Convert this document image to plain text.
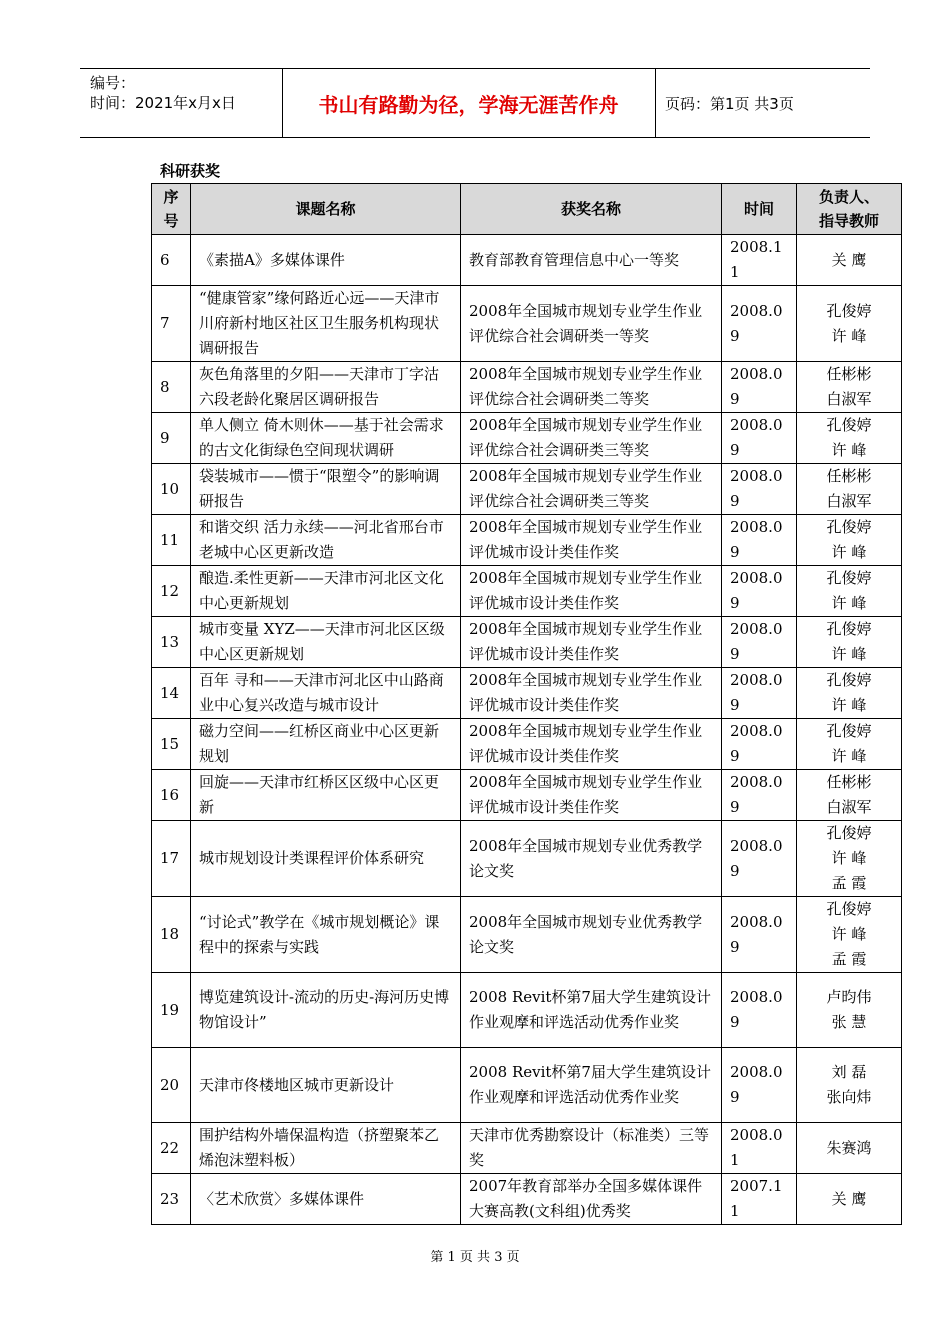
编号：
时间：2021年x月x日	书山有路勤为径，学海无涯苦作舟	页码：第1页 共3页
科研获奖
序
号	课题名称	获奖名称	时间	负责人、
指导教师
6	《素描A》多媒体课件	教育部教育管理信息中心一等奖	2008.11	关 鹰
7	“健康管家”缘何路近心远——天津市川府新村地区社区卫生服务机构现状调研报告	2008年全国城市规划专业学生作业评优综合社会调研类一等奖	2008.09	孔俊婷
许 峰
8	灰色角落里的夕阳——天津市丁字沽六段老龄化聚居区调研报告	2008年全国城市规划专业学生作业评优综合社会调研类二等奖	2008.09	任彬彬
白淑军
9	单人侧立 倚木则休——基于社会需求的古文化街绿色空间现状调研	2008年全国城市规划专业学生作业评优综合社会调研类三等奖	2008.09	孔俊婷
许 峰
10	袋装城市——惯于“限塑令”的影响调研报告	2008年全国城市规划专业学生作业评优综合社会调研类三等奖	2008.09	任彬彬
白淑军
11	和谐交织 活力永续——河北省邢台市老城中心区更新改造	2008年全国城市规划专业学生作业评优城市设计类佳作奖	2008.09	孔俊婷
许 峰
12	酿造.柔性更新——天津市河北区文化中心更新规划	2008年全国城市规划专业学生作业评优城市设计类佳作奖	2008.09	孔俊婷
许 峰
13	城市变量 XYZ——天津市河北区区级中心区更新规划	2008年全国城市规划专业学生作业评优城市设计类佳作奖	2008.09	孔俊婷
许 峰
14	百年 寻和——天津市河北区中山路商业中心复兴改造与城市设计	2008年全国城市规划专业学生作业评优城市设计类佳作奖	2008.09	孔俊婷
许 峰
15	磁力空间——红桥区商业中心区更新规划	2008年全国城市规划专业学生作业评优城市设计类佳作奖	2008.09	孔俊婷
许 峰
16	回旋——天津市红桥区区级中心区更新	2008年全国城市规划专业学生作业评优城市设计类佳作奖	2008.09	任彬彬
白淑军
17	城市规划设计类课程评价体系研究	2008年全国城市规划专业优秀教学论文奖	2008.09	孔俊婷
许 峰
孟 霞
18	“讨论式”教学在《城市规划概论》课程中的探索与实践	2008年全国城市规划专业优秀教学论文奖	2008.09	孔俊婷
许 峰
孟 霞
19	博览建筑设计-流动的历史-海河历史博物馆设计”	2008 Revit杯第7届大学生建筑设计作业观摩和评选活动优秀作业奖	2008.09	卢昀伟
张 慧
20	天津市佟楼地区城市更新设计	2008 Revit杯第7届大学生建筑设计作业观摩和评选活动优秀作业奖	2008.09	刘 磊
张向炜
22	围护结构外墙保温构造（挤塑聚苯乙烯泡沫塑料板）	天津市优秀勘察设计（标准类）三等奖	2008.01	朱赛鸿
23	〈艺术欣赏〉多媒体课件	2007年教育部举办全国多媒体课件大赛高教(文科组)优秀奖	2007.11	关 鹰
第 1 页 共 3 页
